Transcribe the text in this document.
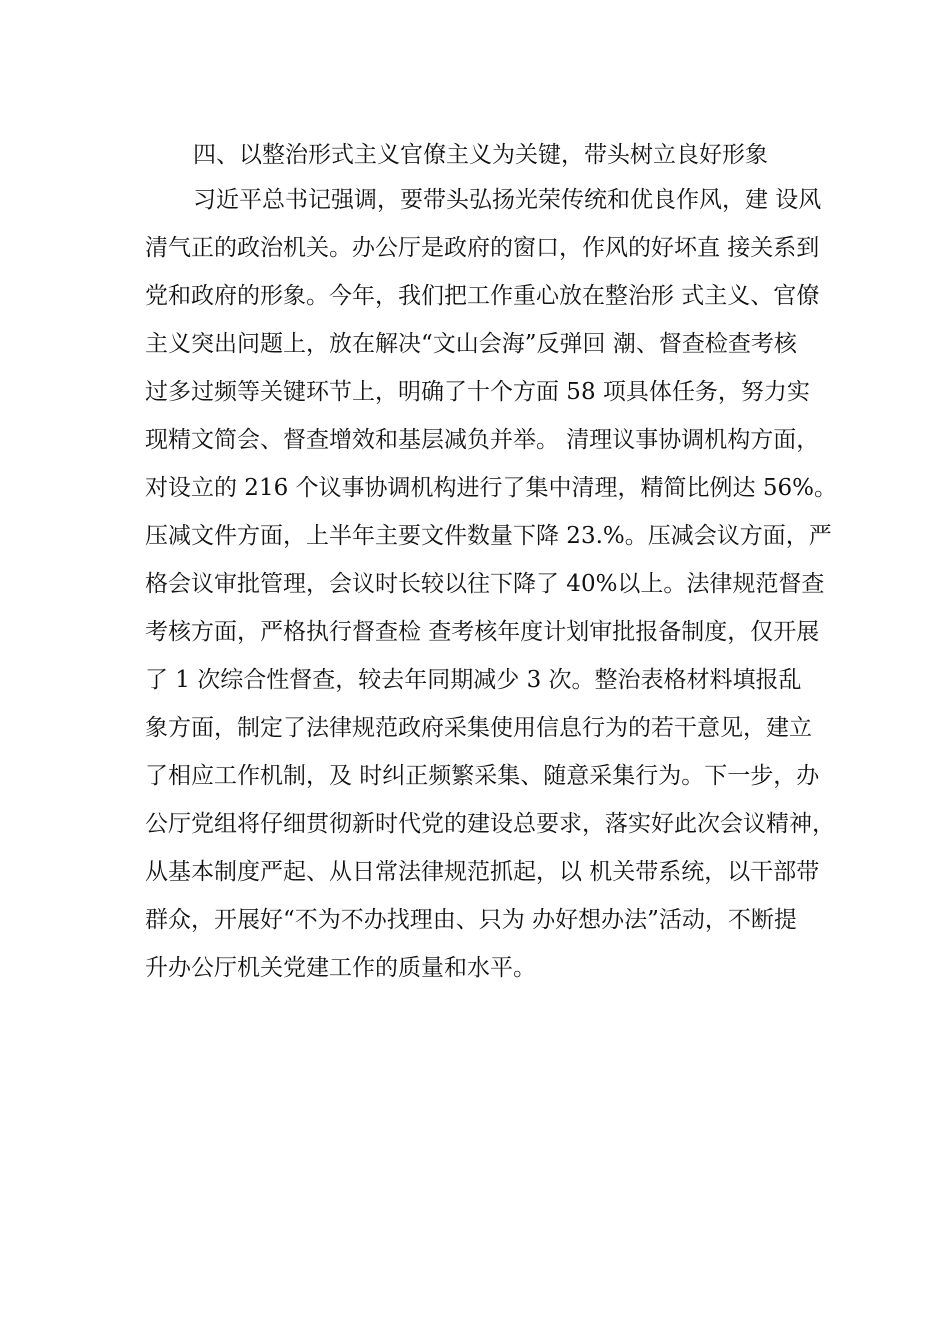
四、以整治形式主义官僚主义为关键，带头树立良好形象
习近平总书记强调，要带头弘扬光荣传统和优良作风，建 设风
清气正的政治机关。办公厅是政府的窗口，作风的好坏直 接关系到
党和政府的形象。今年，我们把工作重心放在整治形 式主义、官僚
主义突出问题上，放在解决“文山会海”反弹回 潮、督查检查考核
过多过频等关键环节上，明确了十个方面 58 项具体任务，努力实
现精文简会、督查增效和基层减负并举。 清理议事协调机构方面，
对设立的 216 个议事协调机构进行了集中清理，精简比例达 56%。
压减文件方面，上半年主要文件数量下降 23.%。压减会议方面，严
格会议审批管理，会议时长较以往下降了 40%以上。法律规范督查
考核方面，严格执行督查检 查考核年度计划审批报备制度，仅开展
了 1 次综合性督查，较去年同期减少 3 次。整治表格材料填报乱
象方面，制定了法律规范政府采集使用信息行为的若干意见，建立
了相应工作机制，及 时纠正频繁采集、随意采集行为。下一步，办
公厅党组将仔细贯彻新时代党的建设总要求，落实好此次会议精神，
从基本制度严起、从日常法律规范抓起，以 机关带系统，以干部带
群众，开展好“不为不办找理由、只为 办好想办法”活动，不断提
升办公厅机关党建工作的质量和水平。
